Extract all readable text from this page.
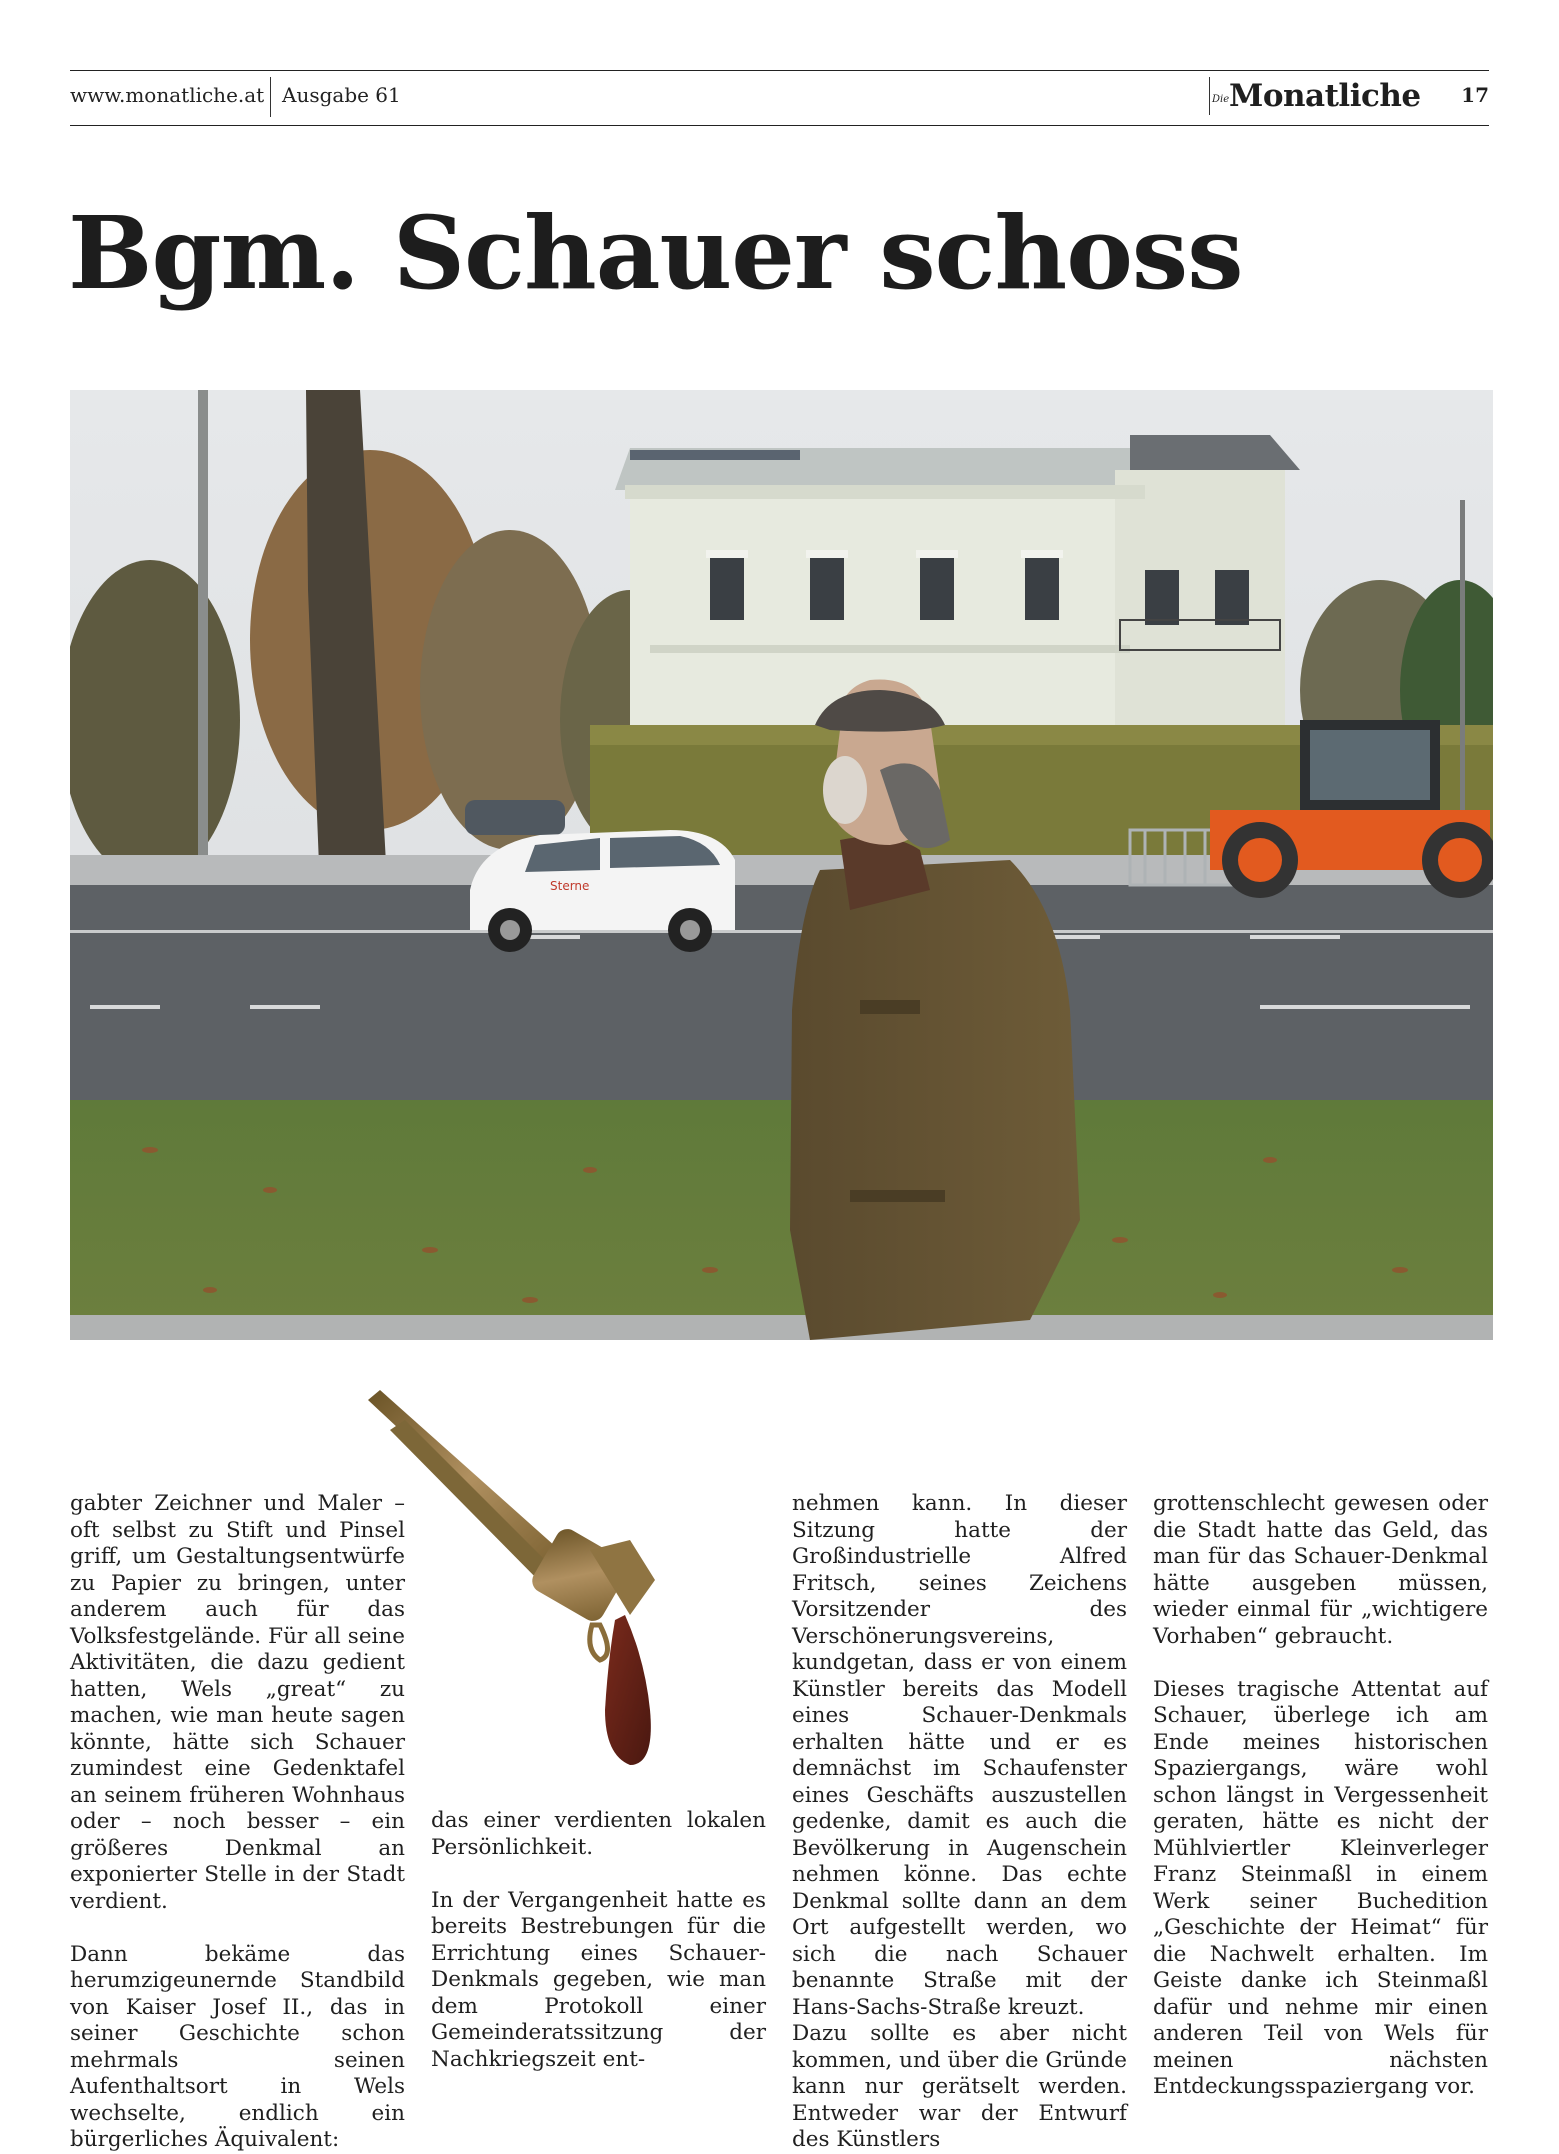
www.monatliche.at Ausgabe 61	Die Monatliche 17
Bgm. Schauer schoss
Sterne

gabter Zeichner und Maler – oft selbst zu Stift und Pinsel griff, um Gestaltungsentwürfe zu Papier zu bringen, unter anderem auch für das Volksfestgelände. Für all seine Aktivitäten, die dazu gedient hatten, Wels „great“ zu machen, wie man heute sagen könnte, hätte sich Schauer zumindest eine Gedenktafel an seinem früheren Wohnhaus oder – noch besser – ein größeres Denkmal an exponierter Stelle in der Stadt verdient.

Dann bekäme das herumzigeunernde Standbild von Kaiser Josef II., das in seiner Geschichte schon mehrmals seinen Aufenthaltsort in Wels wechselte, endlich ein bürgerliches Äquivalent:

das einer verdienten lokalen Persönlichkeit.

In der Vergangenheit hatte es bereits Bestrebungen für die Errichtung eines Schauer-Denkmals gegeben, wie man dem Protokoll einer Gemeinderatssitzung der Nachkriegszeit ent-

nehmen kann. In dieser Sitzung hatte der Großindustrielle Alfred Fritsch, seines Zeichens Vorsitzender des Verschönerungsvereins, kundgetan, dass er von einem Künstler bereits das Modell eines Schauer-Denkmals erhalten hätte und er es demnächst im Schaufenster eines Geschäfts auszustellen gedenke, damit es auch die Bevölkerung in Augenschein nehmen könne. Das echte Denkmal sollte dann an dem Ort aufgestellt werden, wo sich die nach Schauer benannte Straße mit der Hans-Sachs-Straße kreuzt.

Dazu sollte es aber nicht kommen, und über die Gründe kann nur gerätselt werden. Entweder war der Entwurf des Künstlers

grottenschlecht gewesen oder die Stadt hatte das Geld, das man für das Schauer-Denkmal hätte ausgeben müssen, wieder einmal für „wichtigere Vorhaben“ gebraucht.

Dieses tragische Attentat auf Schauer, überlege ich am Ende meines historischen Spaziergangs, wäre wohl schon längst in Vergessenheit geraten, hätte es nicht der Mühlviertler Kleinverleger Franz Steinmaßl in einem Werk seiner Buchedition „Geschichte der Heimat“ für die Nachwelt erhalten. Im Geiste danke ich Steinmaßl dafür und nehme mir einen anderen Teil von Wels für meinen nächsten Entdeckungsspaziergang vor.
